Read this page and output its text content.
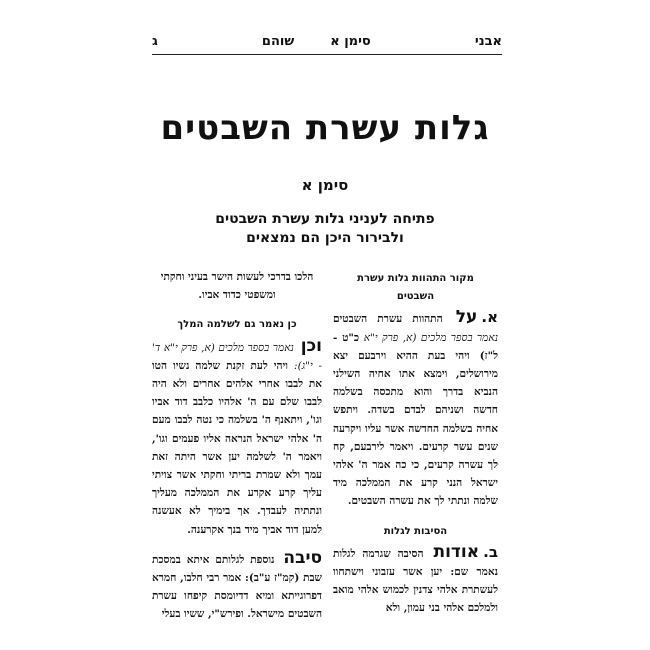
אבני
סימן א
שוהם
ג
גלות עשרת השבטים
סימן א
פתיחה לעניני גלות עשרת השבטים
ולבירור היכן הם נמצאים
מקור התהוות גלות עשרת
השבטים

א.על התהוות עשרת השבטים נאמר בספר מלכים (א, פרק י"א כ"ט - ל"ז) ויהי בעת ההיא וירבעם יצא מירושלים, וימצא אתו אחיה השילני הנביא בדרך והוא מתכסה בשלמה חדשה ושניהם לבדם בשדה. ויתפש אחיה בשלמה החדשה אשר עליו ויקרעה שנים עשר קרעים. ויאמר לירבעם, קח לך עשרה קרעים, כי כה אמר ה' אלהי ישראל הנני קרע את הממלכה מיד שלמה ונתתי לך את עשרה השבטים.

הסיבות לגלות

ב.אודות הסיבה שגרמה לגלות נאמר שם: יען אשר עזבוני וישתחוו לעשתרת אלהי צדנין לכמוש אלהי מואב ולמלכם אלהי בני עמון, ולא

הלכו בדרכי לעשות הישר בעיני וחקתי
ומשפטי כדוד אביו.

כן נאמר גם לשלמה המלך

וכן נאמר בספר מלכים (א, פרק י"א ד' - י"ג): ויהי לעת זקנת שלמה נשיו הטו את לבבו אחרי אלהים אחרים ולא היה לבבו שלם עם ה' אלהיו כלבב דוד אביו וגו', ויתאנף ה' בשלמה כי נטה לבבו מעם ה' אלהי ישראל הנראה אליו פעמים וגו', ויאמר ה' לשלמה יען אשר היתה זאת עמך ולא שמרת בריתי וחקתי אשר צויתי עליך קרע אקרע את הממלכה מעליך ונתתיה לעבדך. אך בימיך לא אעשנה למען דוד אביך מיד בנך אקרענה.

סיבה נוספת לגלותם איתא במסכת שבת (קמ"ז ע"ב): אמר רבי חלבו, חמרא דפרוגייתא ומיא דדיומסת קיפחו עשרת השבטים מישראל. ופירש"י, ששיו בעלי
